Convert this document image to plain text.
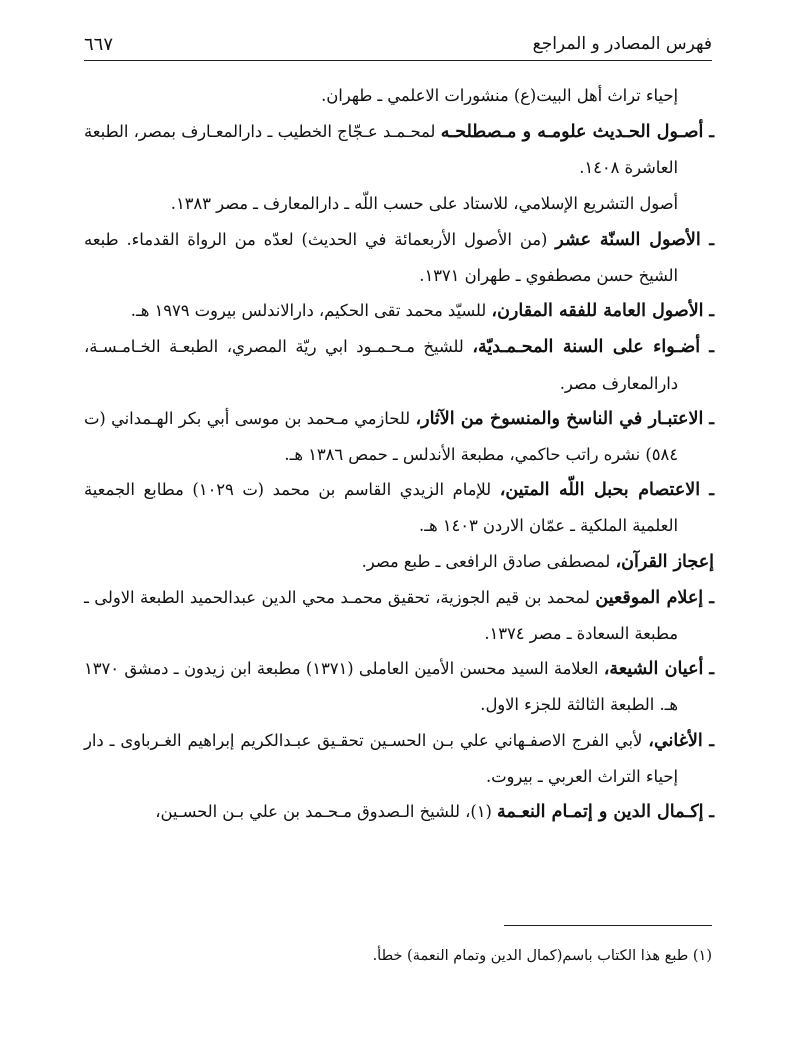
فهرس المصادر و المراجع
٦٦٧
إحياء تراث أهل البيت(ع) منشورات الاعلمي ـ طهران.
ـ أصـول الحـديث علومـه و مـصطلحـه لمحـمـد عـجّاج الخطيب ـ دارالمعـارف بمصر، الطبعة العاشرة ١٤٠٨.
أصول التشريع الإسلامي، للاستاد على حسب اللّه ـ دارالمعارف ـ مصر ١٣٨٣.
ـ الأصول السنّة عشر (من الأصول الأربعمائة في الحديث) لعدّه من الرواة القدماء. طبعه الشيخ حسن مصطفوي ـ طهران ١٣٧١.
ـ الأصول العامة للفقه المقارن، للسيّد محمد تقى الحكيم، دارالاندلس بيروت ١٩٧٩ هـ.
ـ أضـواء على السنة المحـمـديّة، للشيخ مـحـمـود ابي ريّة المصري، الطبعـة الخـامـسـة، دارالمعارف مصر.
ـ الاعتبـار في الناسخ والمنسوخ من الآثار، للحازمي مـحمد بن موسى أبي بكر الهـمداني (ت ٥٨٤) نشره راتب حاكمي، مطبعة الأندلس ـ حمص ١٣٨٦ هـ.
ـ الاعتصام بحبل اللّه المتين، للإمام الزيدي القاسم بن محمد (ت ١٠٢٩) مطابع الجمعية العلمية الملكية ـ عمّان الاردن ١٤٠٣ هـ.
إعجاز القرآن، لمصطفى صادق الرافعى ـ طبع مصر.
ـ إعلام الموقعين لمحمد بن قيم الجوزية، تحقيق محمـد محي الدين عبدالحميد الطبعة الاولى ـ مطبعة السعادة ـ مصر ١٣٧٤.
ـ أعيان الشيعة، العلامة السيد محسن الأمين العاملى (١٣٧١) مطبعة ابن زيدون ـ دمشق ١٣٧٠ هـ. الطبعة الثالثة للجزء الاول.
ـ الأغاني، لأبي الفرج الاصفـهاني علي بـن الحسـين تحقـيق عبـدالكريم إبراهيم الغـرباوى ـ دار إحياء التراث العربي ـ بيروت.
ـ إكـمال الدين و إتمـام النعـمة (١)، للشيخ الـصدوق مـحـمد بن علي بـن الحسـين،
(١) طبع هذا الكتاب باسم(كمال الدين وتمام النعمة) خطأ.
